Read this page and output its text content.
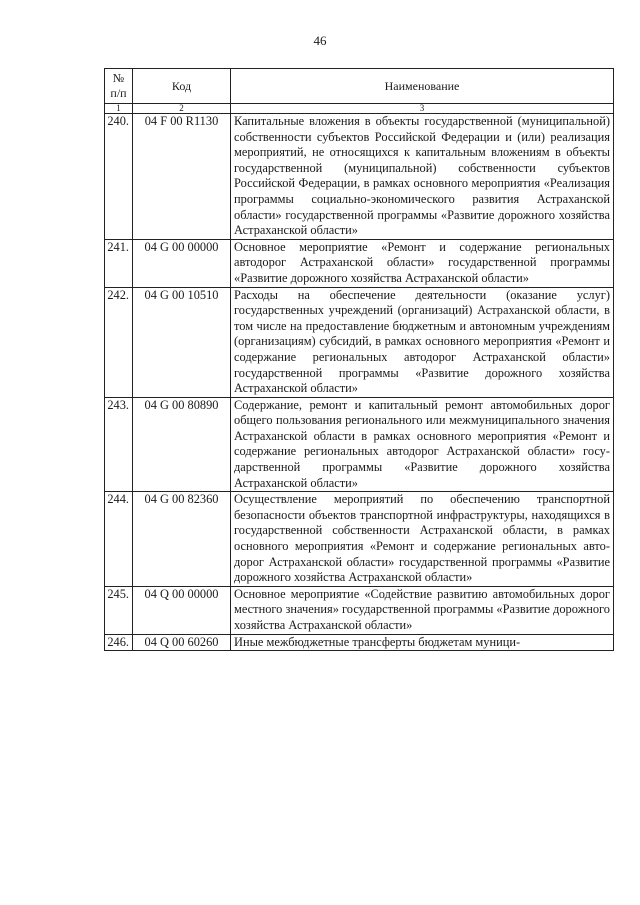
46
№
п/п	Код	Наименование
1	2	3
240.	04 F 00 R1130	Капитальные вложения в объекты государственной (муниципальной) собственности субъектов Российской Федерации и (или) реализация мероприятий, не относящихся к капитальным вложениям в объекты государственной (муниципальной) собственности субъектов Российской Федерации, в рамках основного мероприятия «Реализация программы социально-экономического развития Астраханской области» государственной программы «Развитие дорожного хозяйства Астраханской области»
241.	04 G 00 00000	Основное мероприятие «Ремонт и содержание региональных автодорог Астраханской области» государственной программы «Развитие дорожного хозяйства Астраханской области»
242.	04 G 00 10510	Расходы на обеспечение деятельности (оказание услуг) государственных учреждений (организаций) Астраханской области, в том числе на предоставление бюджетным и автономным учреждениям (организациям) субсидий, в рамках основного мероприятия «Ремонт и содержание региональных автодорог Астраханской области» государственной программы «Развитие дорожного хозяйства Астраханской области»
243.	04 G 00 80890	Содержание, ремонт и капитальный ремонт автомобильных дорог общего пользования регионального или межмуниципального значения Астраханской области в рамках основного мероприятия «Ремонт и содержание региональных автодорог Астраханской области» государственной программы «Развитие дорожного хозяйства Астраханской области»
244.	04 G 00 82360	Осуществление мероприятий по обеспечению транспортной безопасности объектов транспортной инфраструктуры, находящихся в государственной собственности Астраханской области, в рамках основного мероприятия «Ремонт и содержание региональных автодорог Астраханской области» государственной программы «Развитие дорожного хозяйства Астраханской области»
245.	04 Q 00 00000	Основное мероприятие «Содействие развитию автомобильных дорог местного значения» государственной программы «Развитие дорожного хозяйства Астраханской области»
246.	04 Q 00 60260	Иные межбюджетные трансферты бюджетам муници-
